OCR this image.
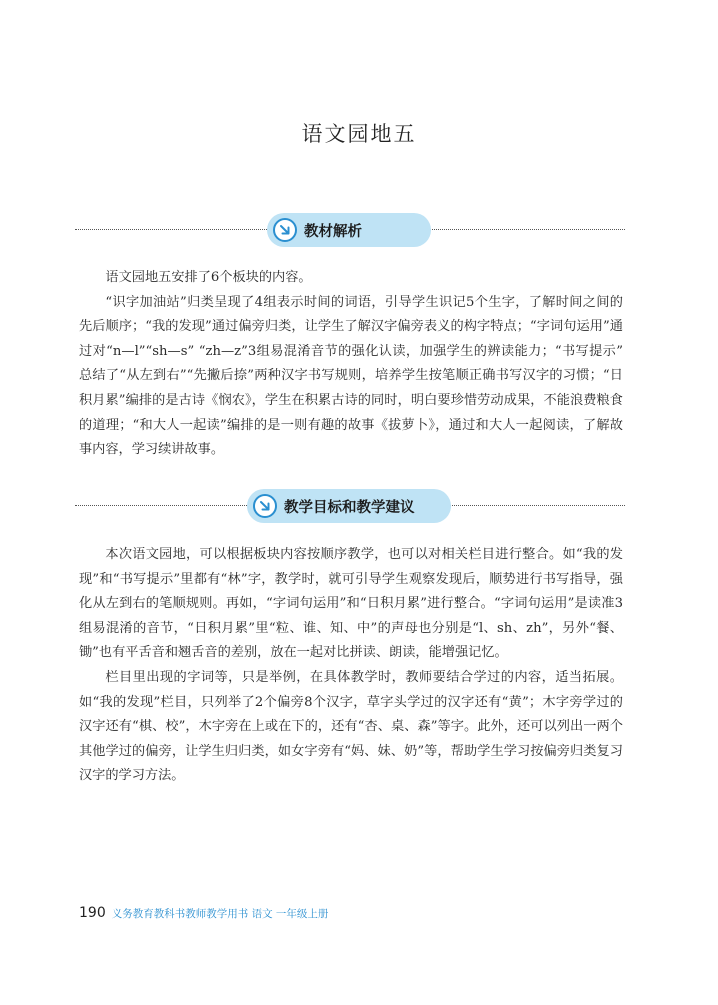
语文园地五
教材解析

语文园地五安排了6个板块的内容。

“识字加油站”归类呈现了4组表示时间的词语，引导学生识记5个生字，了解时间之间的先后顺序；“我的发现”通过偏旁归类，让学生了解汉字偏旁表义的构字特点；“字词句运用”通过对“n—l”“sh—s” “zh—z”3组易混淆音节的强化认读，加强学生的辨读能力；“书写提示” 总结了“从左到右”“先撇后捺”两种汉字书写规则，培养学生按笔顺正确书写汉字的习惯；“日积月累”编排的是古诗《悯农》，学生在积累古诗的同时，明白要珍惜劳动成果，不能浪费粮食的道理；“和大人一起读”编排的是一则有趣的故事《拔萝卜》，通过和大人一起阅读，了解故事内容，学习续讲故事。

教学目标和教学建议

本次语文园地，可以根据板块内容按顺序教学，也可以对相关栏目进行整合。如“我的发现”和“书写提示”里都有“林”字，教学时，就可引导学生观察发现后，顺势进行书写指导，强化从左到右的笔顺规则。再如，“字词句运用”和“日积月累”进行整合。“字词句运用”是读准3组易混淆的音节，“日积月累”里“粒、谁、知、中”的声母也分别是“l、sh、zh”，另外“餐、锄”也有平舌音和翘舌音的差别，放在一起对比拼读、朗读，能增强记忆。

栏目里出现的字词等，只是举例，在具体教学时，教师要结合学过的内容，适当拓展。如“我的发现”栏目，只列举了2个偏旁8个汉字，草字头学过的汉字还有“黄”；木字旁学过的汉字还有“棋、校”，木字旁在上或在下的，还有“杏、桌、森”等字。此外，还可以列出一两个其他学过的偏旁，让学生归归类，如女字旁有“妈、妹、奶”等，帮助学生学习按偏旁归类复习汉字的学习方法。

190 义务教育教科书教师教学用书 语文 一年级上册
